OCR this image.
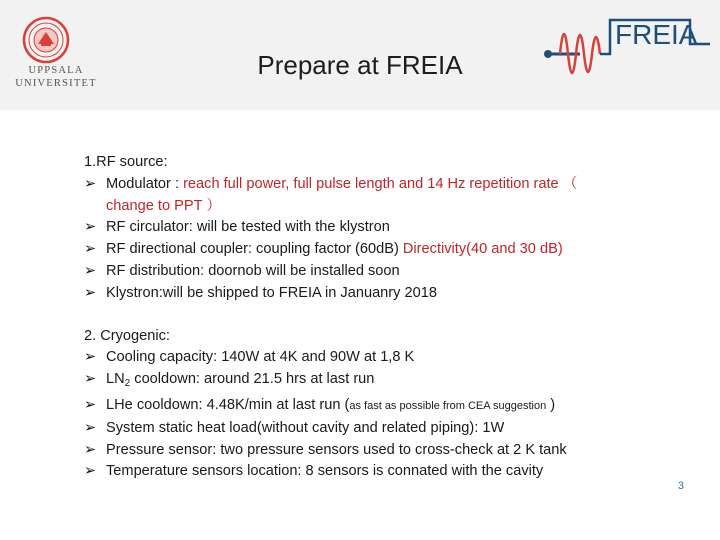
UPPSALA
UNIVERSITET
Prepare at FREIA
FREIA
1.RF source:
➢ Modulator : reach full power, full pulse length and 14 Hz repetition rate （
change to PPT ）
➢ RF circulator: will be tested with the klystron
➢ RF directional coupler: coupling factor (60dB) Directivity(40 and 30 dB)
➢ RF distribution: doornob will be installed soon
➢ Klystron:will be shipped to FREIA in Januanry 2018
2. Cryogenic:
➢ Cooling capacity: 140W at 4K and 90W at 1,8 K
➢ $LN_2$ cooldown: around 21.5 hrs at last run
➢ LHe cooldown: 4.48K/min at last run (as fast as possible from CEA suggestion )
➢ System static heat load(without cavity and related piping): 1W
➢ Pressure sensor: two pressure sensors used to cross-check at 2 K tank
➢ Temperature sensors location: 8 sensors is connated with the cavity
3
